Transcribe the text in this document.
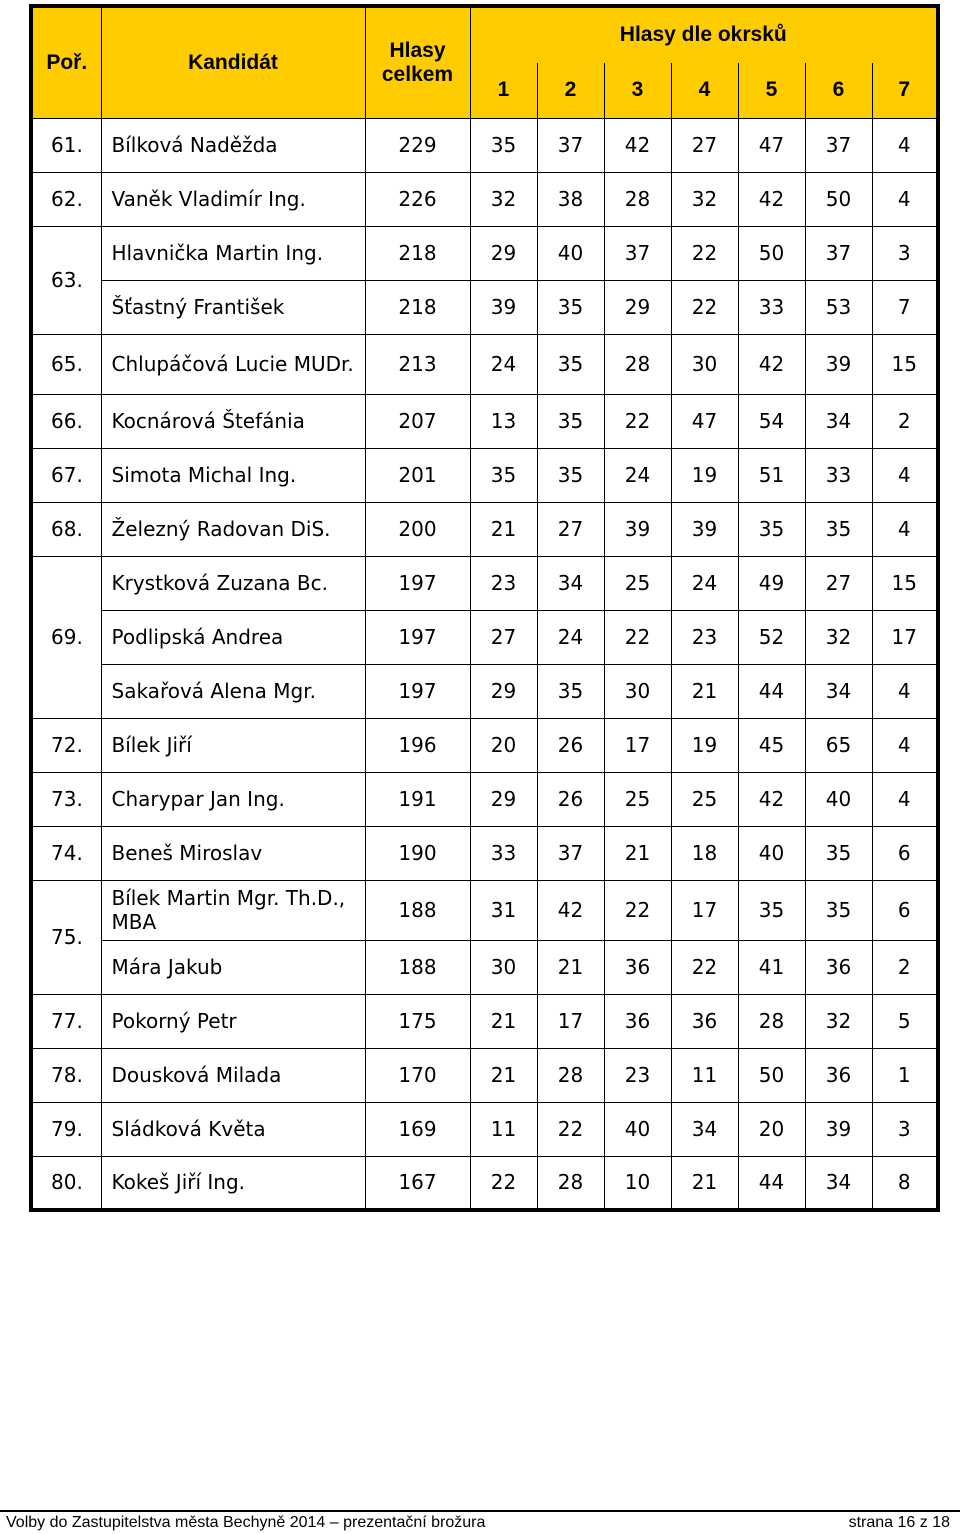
Poř.	Kandidát	Hlasy celkem	Hlasy dle okrsků						
			1	2	3	4	5	6	7
61.	Bílková Naděžda	229	35	37	42	27	47	37	4
62.	Vaněk Vladimír Ing.	226	32	38	28	32	42	50	4
63.	Hlavnička Martin Ing.	218	29	40	37	22	50	37	3
	Šťastný František	218	39	35	29	22	33	53	7
65.	Chlupáčová Lucie MUDr.	213	24	35	28	30	42	39	15
66.	Kocnárová Štefánia	207	13	35	22	47	54	34	2
67.	Simota Michal Ing.	201	35	35	24	19	51	33	4
68.	Železný Radovan DiS.	200	21	27	39	39	35	35	4
69.	Krystková Zuzana Bc.	197	23	34	25	24	49	27	15
	Podlipská Andrea	197	27	24	22	23	52	32	17
	Sakařová Alena Mgr.	197	29	35	30	21	44	34	4
72.	Bílek Jiří	196	20	26	17	19	45	65	4
73.	Charypar Jan Ing.	191	29	26	25	25	42	40	4
74.	Beneš Miroslav	190	33	37	21	18	40	35	6
75.	Bílek Martin Mgr. Th.D., MBA	188	31	42	22	17	35	35	6
	Mára Jakub	188	30	21	36	22	41	36	2
77.	Pokorný Petr	175	21	17	36	36	28	32	5
78.	Dousková Milada	170	21	28	23	11	50	36	1
79.	Sládková Květa	169	11	22	40	34	20	39	3
80.	Kokeš Jiří Ing.	167	22	28	10	21	44	34	8
Volby do Zastupitelstva města Bechyně 2014 – prezentační brožura	strana 16 z 18
